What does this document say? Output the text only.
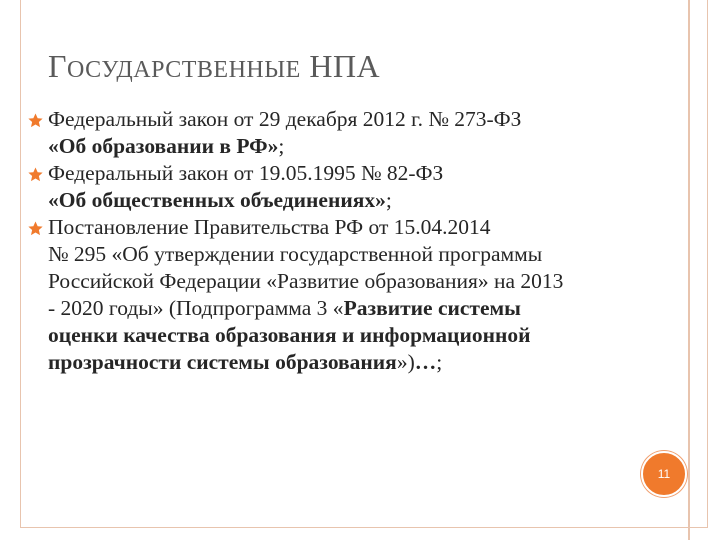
ГОСУДАРСТВЕННЫЕ НПА
Федеральный закон от 29 декабря 2012 г. № 273-ФЗ
«Об образовании в РФ»;
Федеральный закон от 19.05.1995 № 82-ФЗ
«Об общественных объединениях»;
Постановление Правительства РФ от 15.04.2014
№ 295 «Об утверждении государственной программы
Российской Федерации «Развитие образования» на 2013
- 2020 годы» (Подпрограмма 3 «Развитие системы
оценки качества образования и информационной
прозрачности системы образования»)…;
11
